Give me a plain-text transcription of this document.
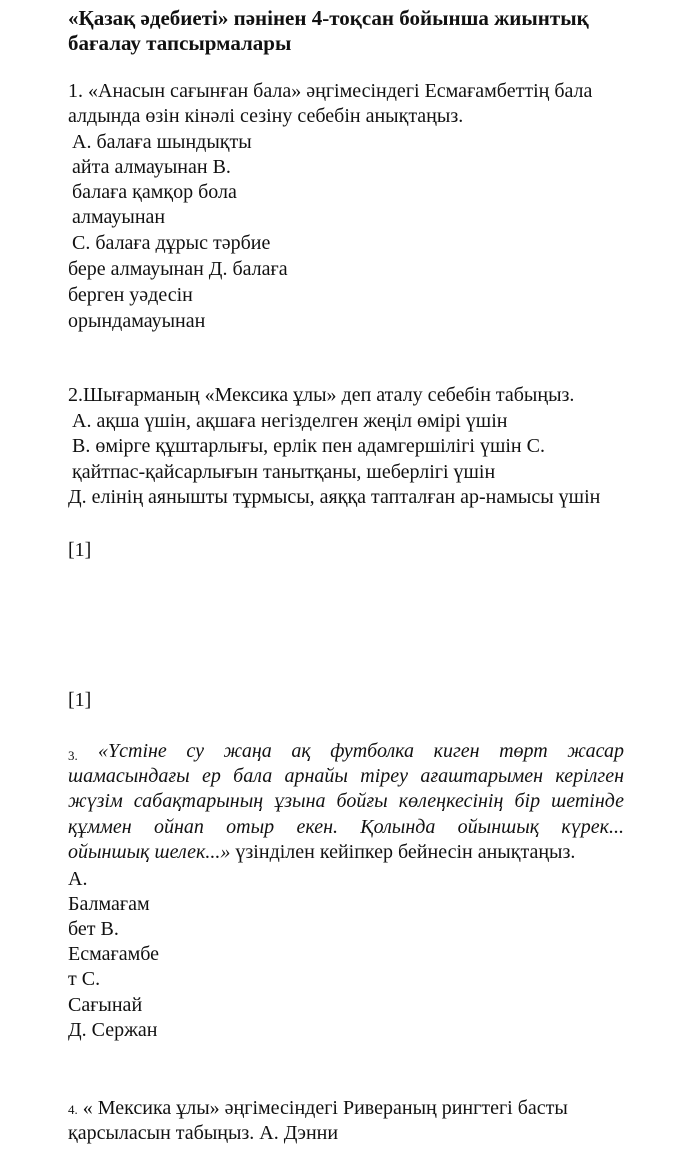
«Қазақ әдебиеті» пәнінен 4-тоқсан бойынша жиынтық
бағалау тапсырмалары
1. «Анасын сағынған бала» әңгімесіндегі Есмағамбеттің бала
алдында өзін кінәлі сезіну себебін анықтаңыз.
А. балаға шындықты
айта алмауынан В.
балаға қамқор бола
алмауынан
С. балаға дұрыс тәрбие
бере алмауынан Д. балаға
берген уәдесін
орындамауынан
2.Шығарманың «Мексика ұлы» деп аталу себебін табыңыз.
А. ақша үшін, ақшаға негізделген жеңіл өмірі үшін
В. өмірге құштарлығы, ерлік пен адамгершілігі үшін С.
қайтпас-қайсарлығын танытқаны, шеберлігі үшін
Д. елінің аянышты тұрмысы, аяққа тапталған ар-намысы үшін
[1]
[1]
3. «Үстіне су жаңа ақ футболка киген төрт жасар
шамасындағы ер бала арнайы тірeу ағаштарымен керілген
жүзім сабақтарының ұзына бойғы көлеңкесінің бір шетінде
құммен ойнап отыр екен. Қолында ойыншық күрек...
ойыншық шелек...» үзінділен кейіпкер бейнесін анықтаңыз.
А.
Балмағам
бет В.
Есмағамбе
т С.
Сағынай
Д. Сержан
4. « Мексика ұлы» әңгімесіндегі Ривераның рингтегі басты
қарсыласын табыңыз. А. Дэнни
